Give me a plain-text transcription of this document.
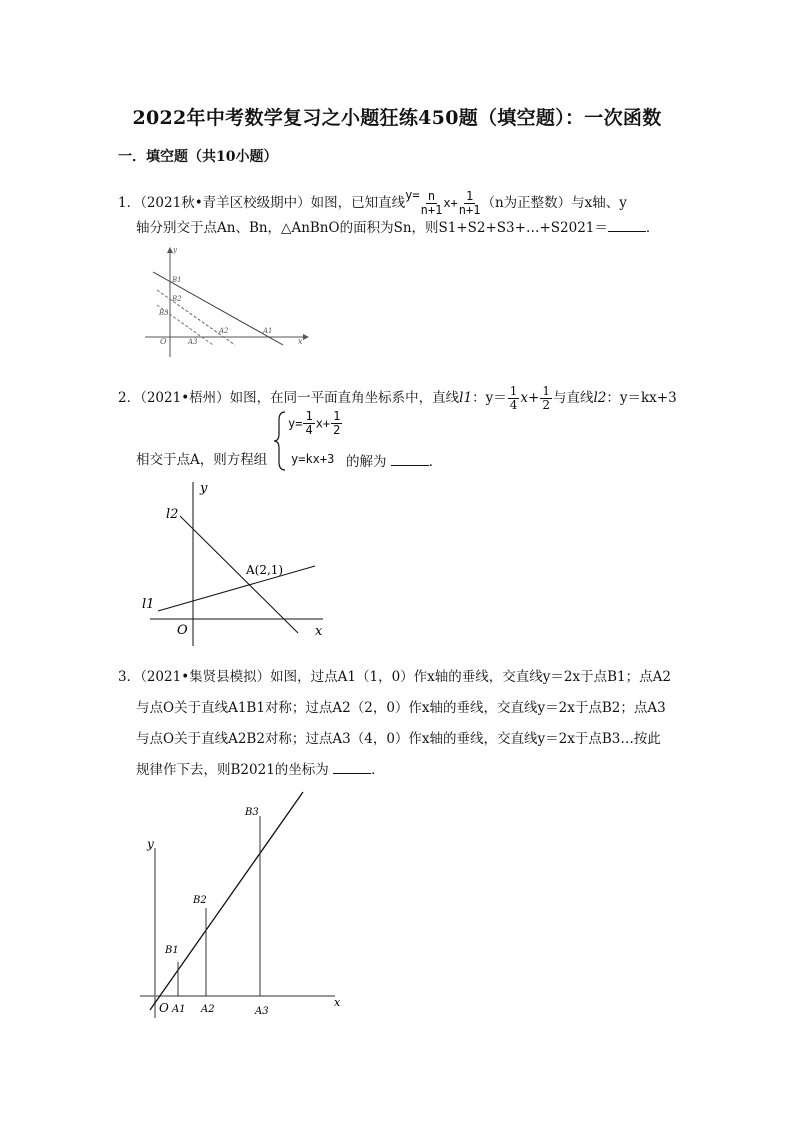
2022年中考数学复习之小题狂练450题（填空题）：一次函数
一．填空题（共10小题）
1．（2021秋•青羊区校级期中）如图，已知直线$y= \frac{n}{n+1} x+ \frac{1}{n+1} (n$为正整数）与x轴、y
轴分别交于点An、Bn，△AnBnO的面积为Sn，则S1+S2+S3+…+S2021＝	．
y
x
O
B1
B2
B3
A1
A2
A3
2．（2021•梧州）如图，在同一平面直角坐标系中，直线l1：$y= \frac{1}{4} x+ \frac{1}{2}$ 与直线l2：y＝kx+3
相交于点A，则方程组
$y= \frac{1}{4} x+ \frac{1}{2}$
y=kx+3 的解为	．
y
x
O
l1
l2
A(2,1)
3．（2021•集贤县模拟）如图，过点A1（1，0）作x轴的垂线，交直线y＝2x于点B1；点A2
与点O关于直线A1B1对称；过点A2（2，0）作x轴的垂线，交直线y＝2x于点B2；点A3
与点O关于直线A2B2对称；过点A3（4，0）作x轴的垂线，交直线y＝2x于点B3…按此
规律作下去，则B2021的坐标为	．
y
x
O A1 A2	A3
B1
B2
B3
